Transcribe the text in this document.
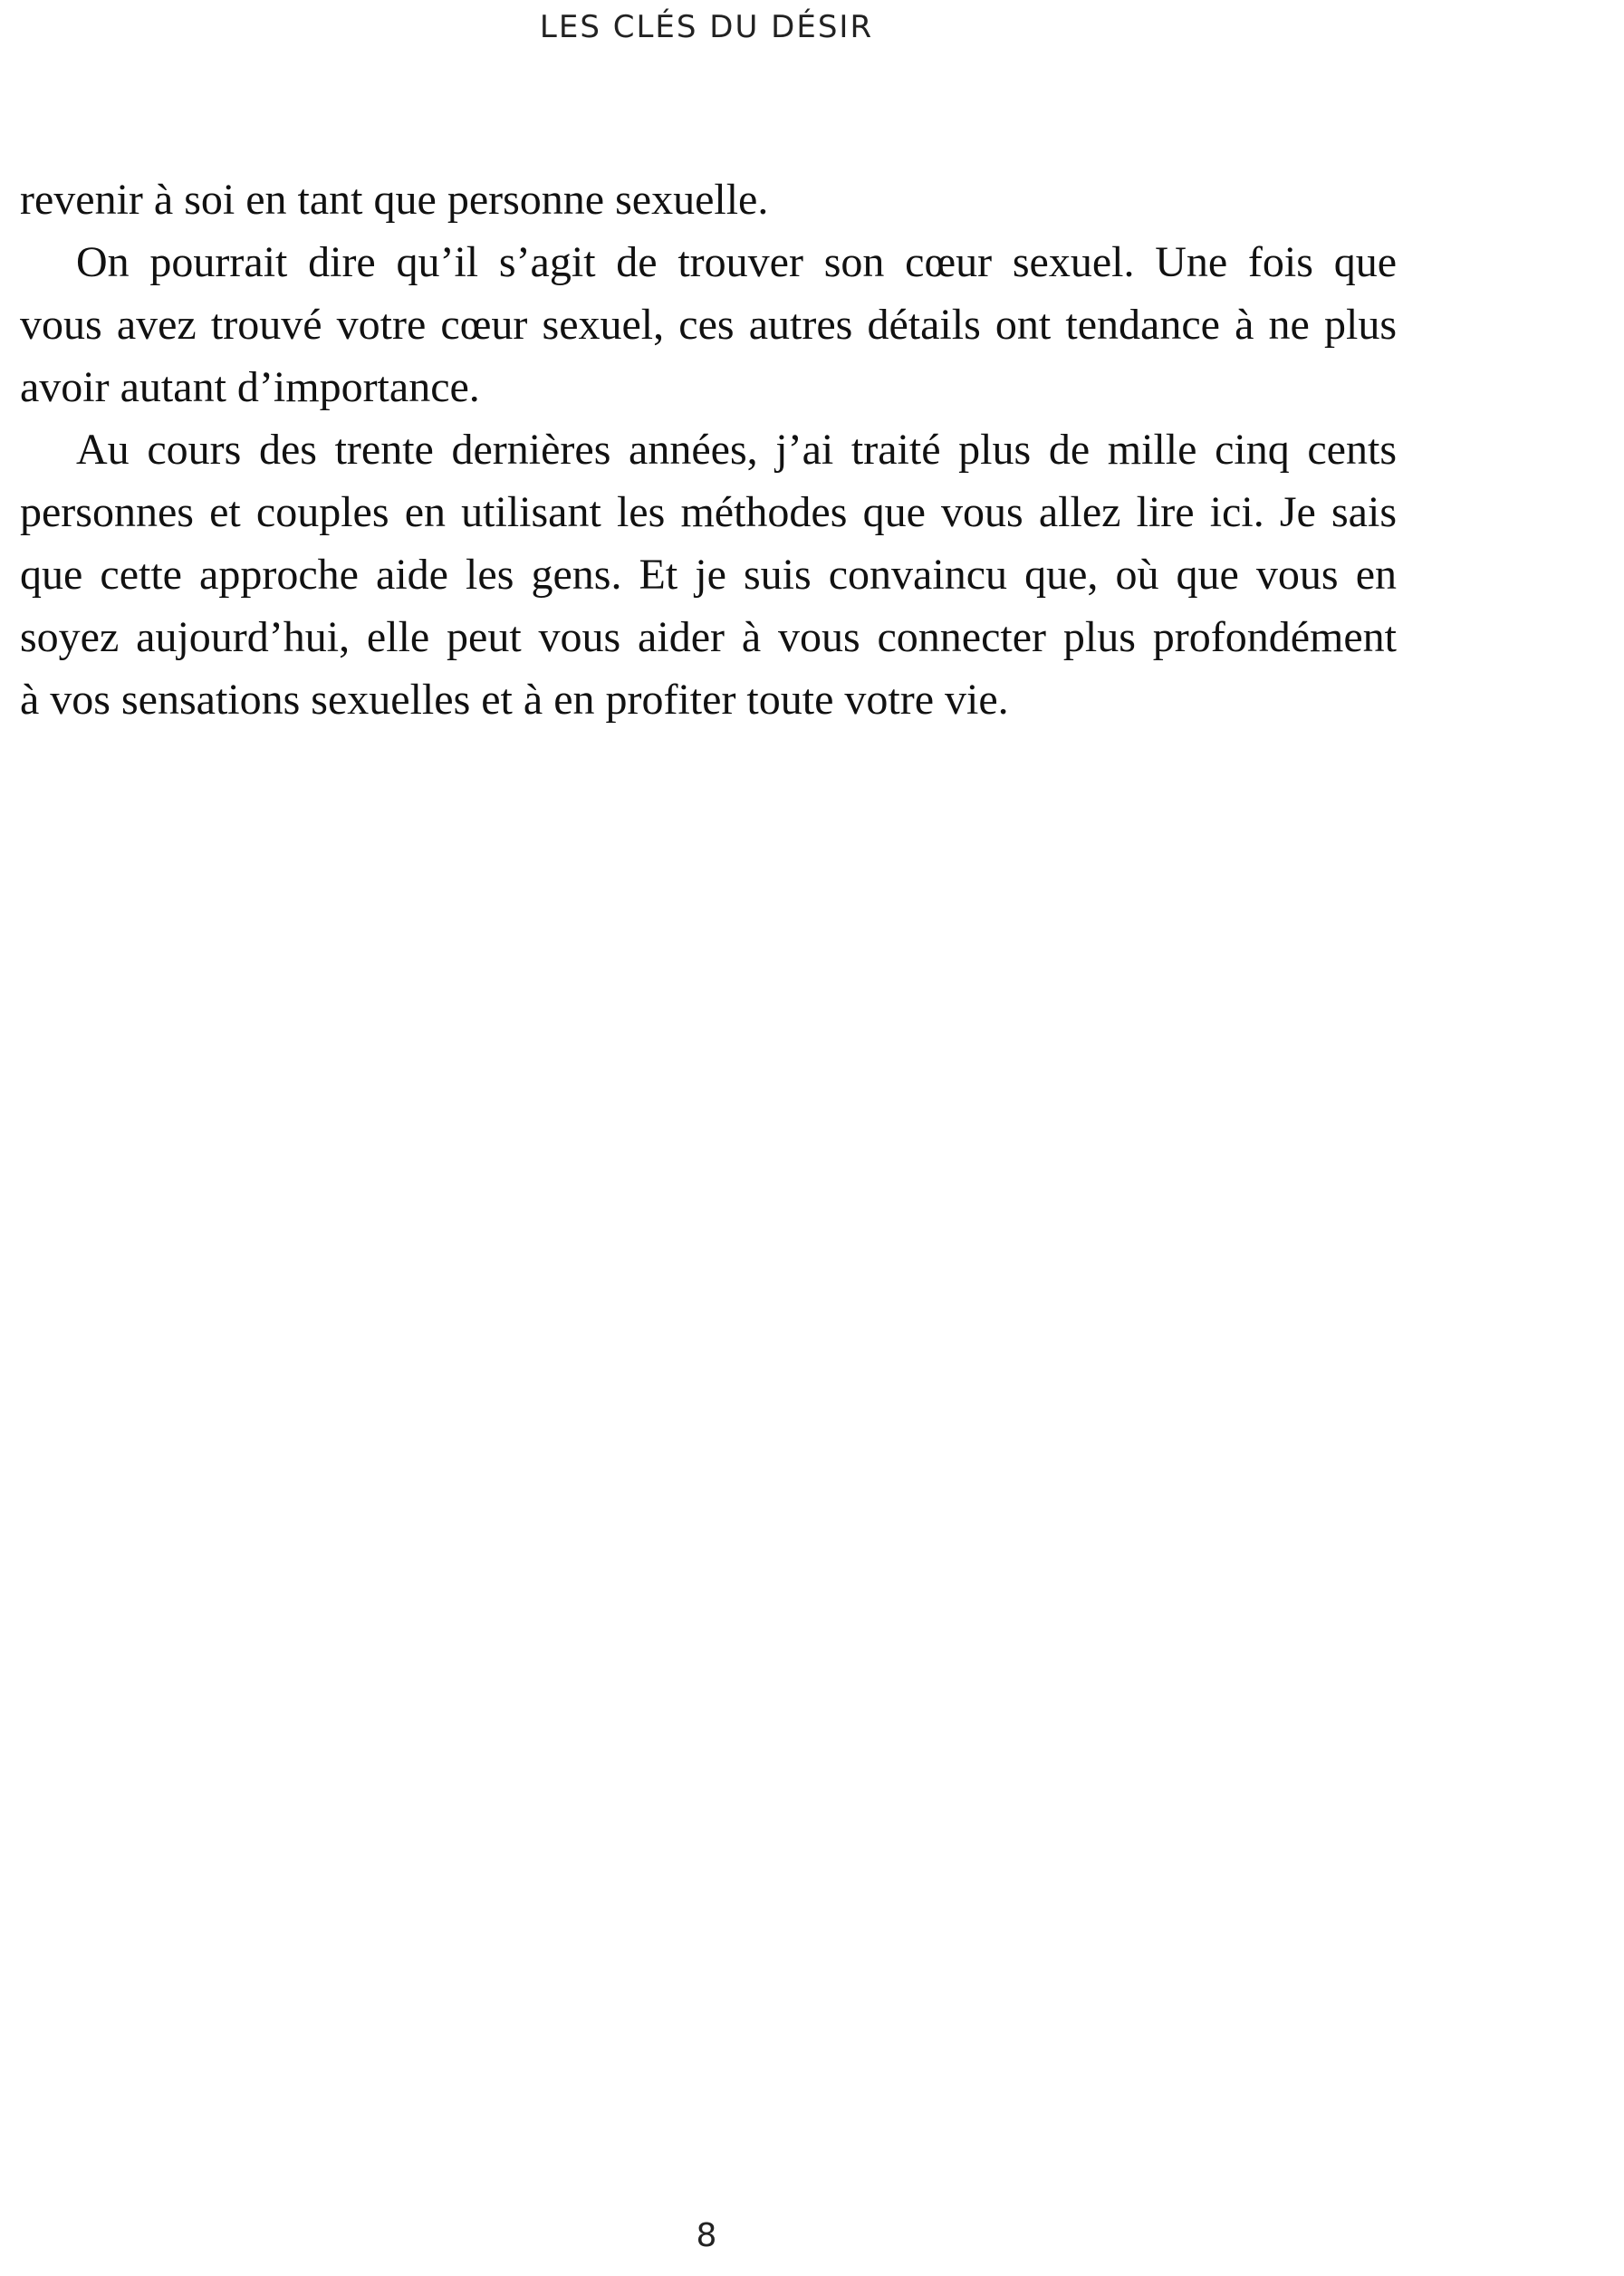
LES CLÉS DU DÉSIR
revenir à soi en tant que personne sexuelle.
On pourrait dire qu’il s’agit de trouver son cœur sexuel. Une fois que
vous avez trouvé votre cœur sexuel, ces autres détails ont tendance à ne plus
avoir autant d’importance.
Au cours des trente dernières années, j’ai traité plus de mille cinq cents
personnes et couples en utilisant les méthodes que vous allez lire ici. Je sais
que cette approche aide les gens. Et je suis convaincu que, où que vous en
soyez aujourd’hui, elle peut vous aider à vous connecter plus profondément
à vos sensations sexuelles et à en profiter toute votre vie.
8
